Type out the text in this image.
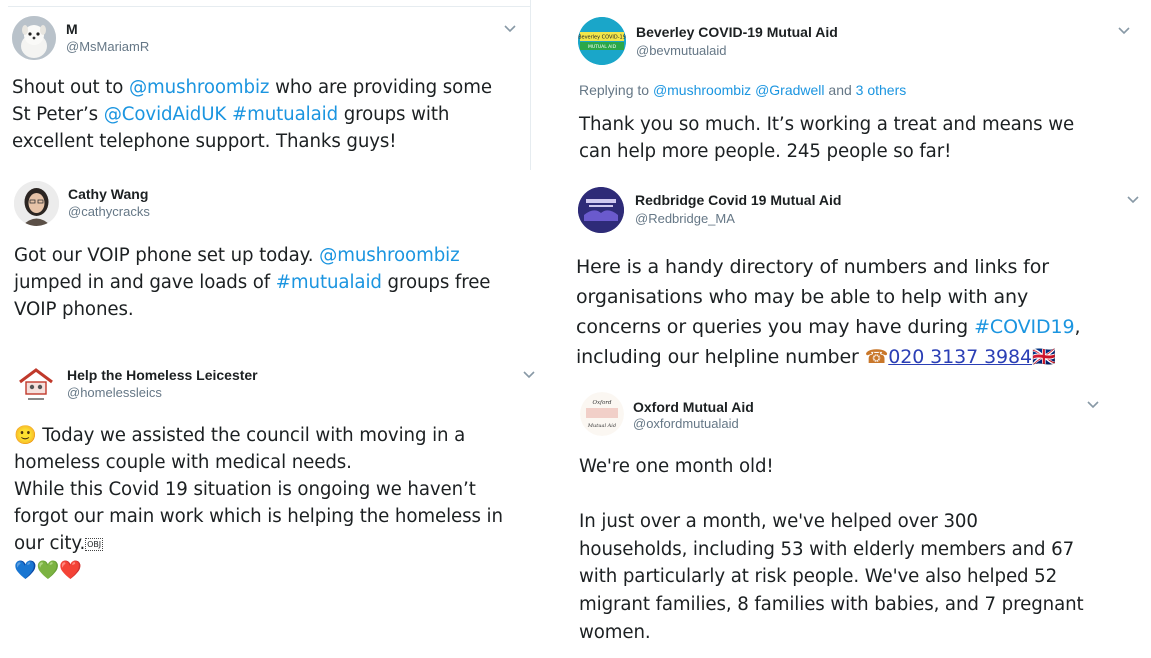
M
@MsMariamR
Shout out to @mushroombiz who are providing some
St Peter’s @CovidAidUK #mutualaid groups with
excellent telephone support. Thanks guys!
Cathy Wang
@cathycracks
Got our VOIP phone set up today. @mushroombiz
jumped in and gave loads of #mutualaid groups free
VOIP phones.
Help the Homeless Leicester
@homelessleics
🙂 Today we assisted the council with moving in a
homeless couple with medical needs.
While this Covid 19 situation is ongoing we haven’t
forgot our main work which is helping the homeless in
our city. OBJ
💙💚❤️
Beverley COVID-19
MUTUAL AID
Beverley COVID-19 Mutual Aid
@bevmutualaid
Replying to @mushroombiz @Gradwell and 3 others
Thank you so much. It’s working a treat and means we
can help more people. 245 people so far!
Redbridge Covid 19 Mutual Aid
@Redbridge_MA
Here is a handy directory of numbers and links for
organisations who may be able to help with any
concerns or queries you may have during #COVID19,
including our helpline number ☎020 3137 3984🇬🇧
Oxford
Mutual Aid
Oxford Mutual Aid
@oxfordmutualaid
We're one month old!

In just over a month, we've helped over 300
households, including 53 with elderly members and 67
with particularly at risk people. We've also helped 52
migrant families, 8 families with babies, and 7 pregnant
women.
